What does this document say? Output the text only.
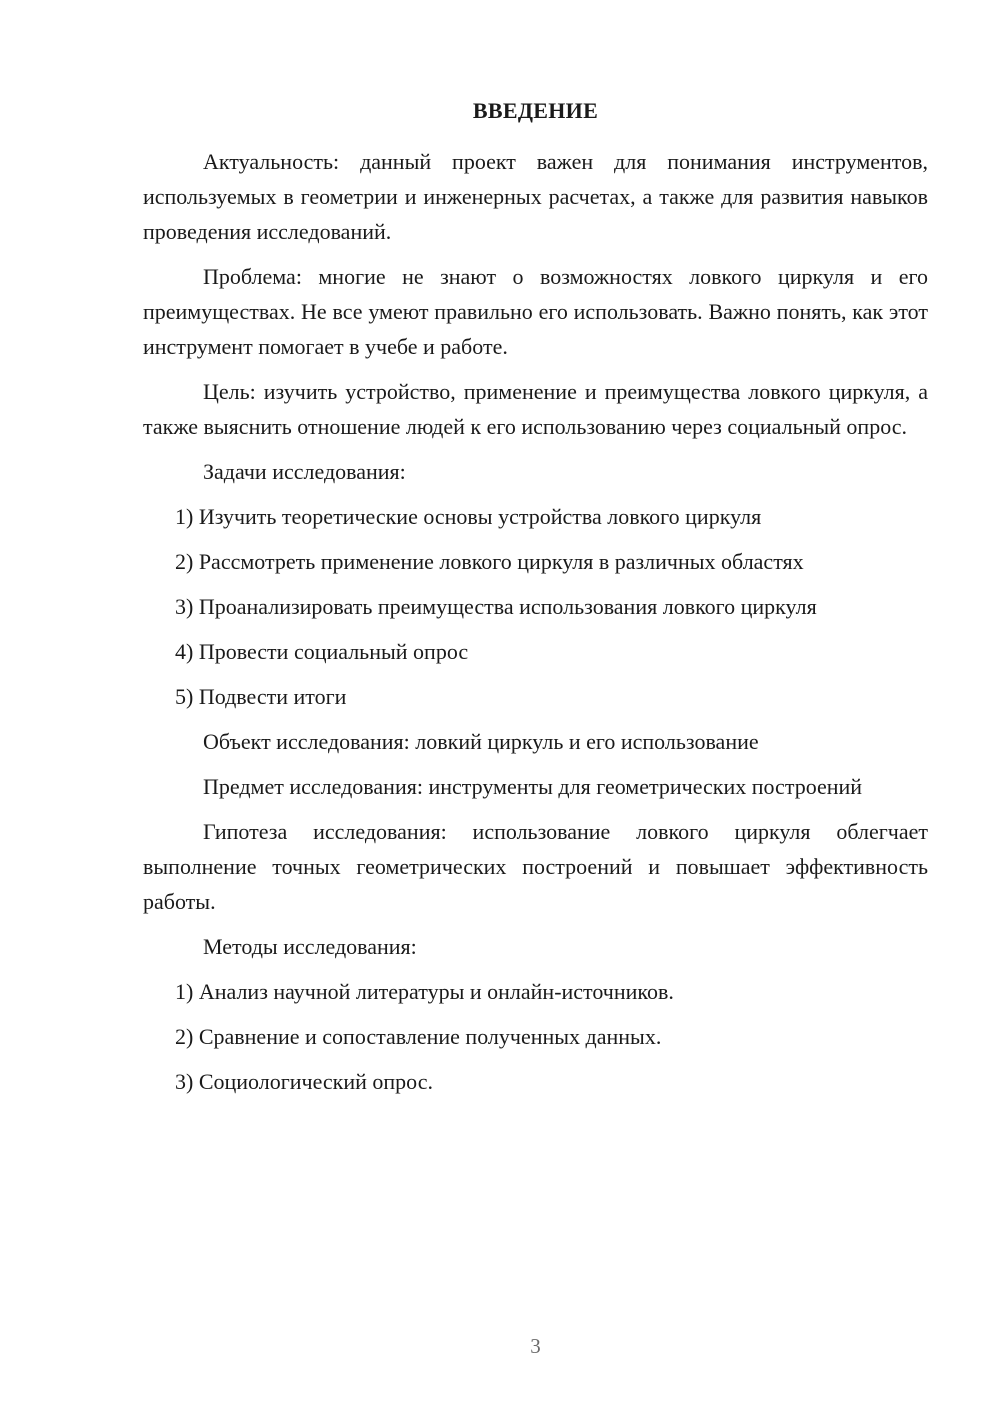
ВВЕДЕНИЕ

Актуальность: данный проект важен для понимания инструментов, используемых в геометрии и инженерных расчетах, а также для развития навыков проведения исследований.

Проблема: многие не знают о возможностях ловкого циркуля и его преимуществах. Не все умеют правильно его использовать. Важно понять, как этот инструмент помогает в учебе и работе.

Цель: изучить устройство, применение и преимущества ловкого циркуля, а также выяснить отношение людей к его использованию через социальный опрос.

Задачи исследования:

1) Изучить теоретические основы устройства ловкого циркуля

2) Рассмотреть применение ловкого циркуля в различных областях

3) Проанализировать преимущества использования ловкого циркуля

4) Провести социальный опрос

5) Подвести итоги

Объект исследования: ловкий циркуль и его использование

Предмет исследования: инструменты для геометрических построений

Гипотеза исследования: использование ловкого циркуля облегчает выполнение точных геометрических построений и повышает эффективность работы.

Методы исследования:

1) Анализ научной литературы и онлайн-источников.

2) Сравнение и сопоставление полученных данных.

3) Социологический опрос.

3
